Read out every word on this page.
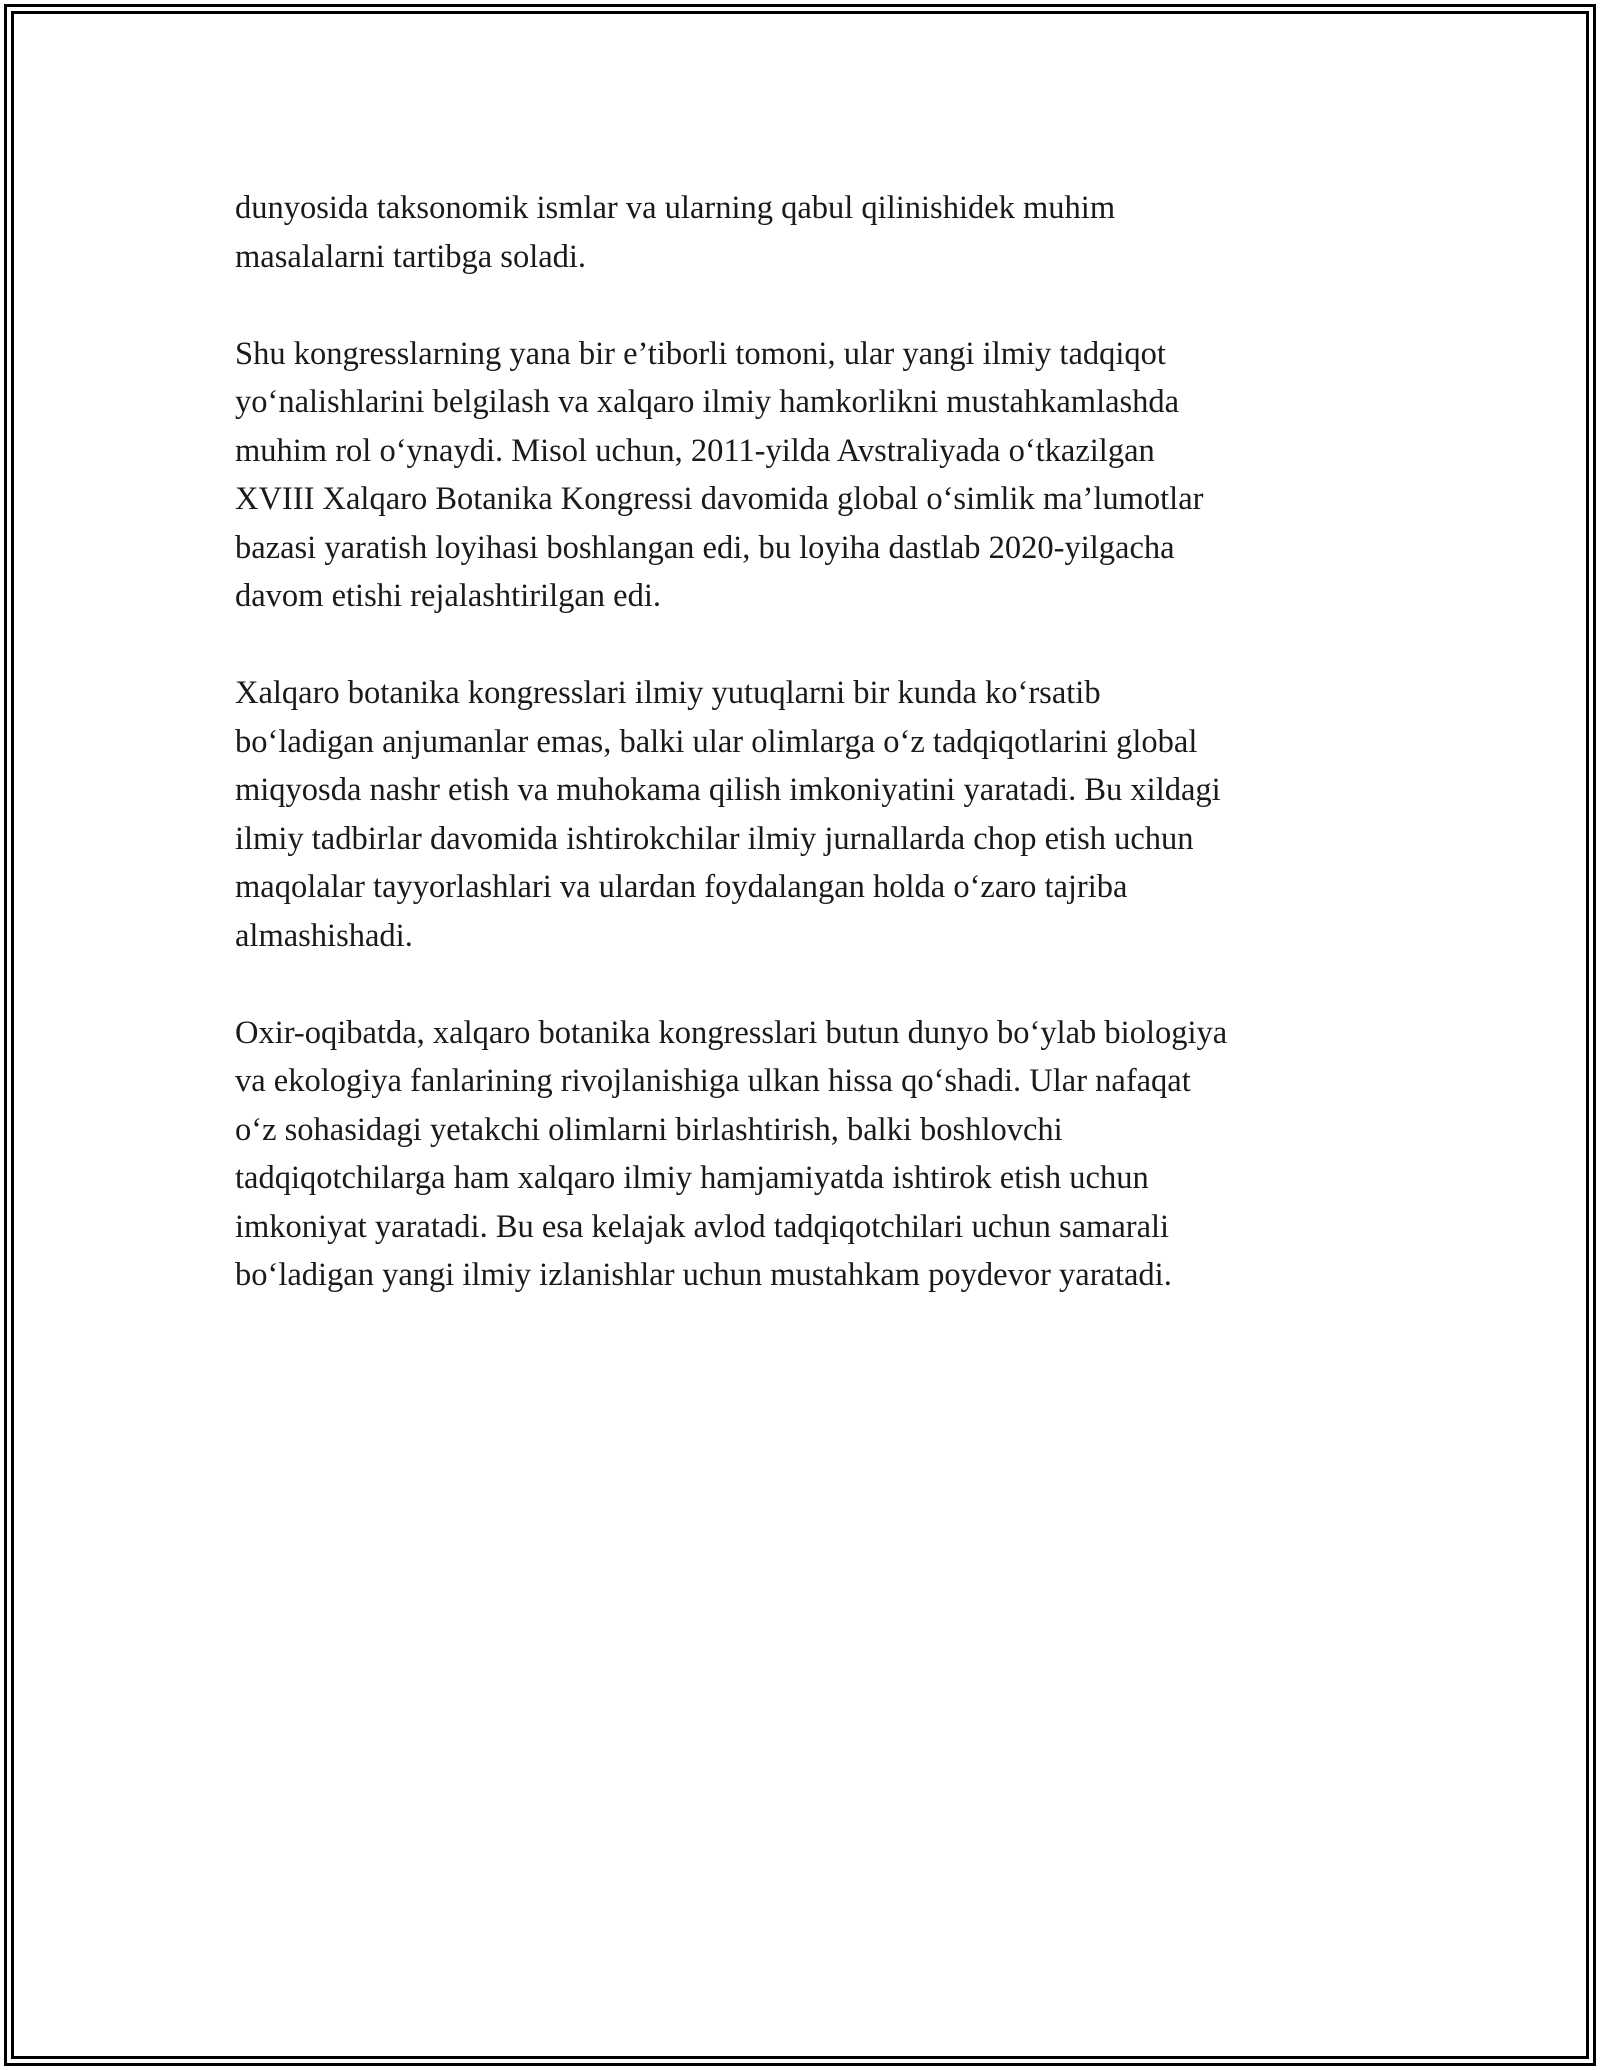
dunyosida taksonomik ismlar va ularning qabul qilinishidek muhim
masalalarni tartibga soladi.

Shu kongresslarning yana bir e’tiborli tomoni, ular yangi ilmiy tadqiqot
yo‘nalishlarini belgilash va xalqaro ilmiy hamkorlikni mustahkamlashda
muhim rol o‘ynaydi. Misol uchun, 2011-yilda Avstraliyada o‘tkazilgan
XVIII Xalqaro Botanika Kongressi davomida global o‘simlik ma’lumotlar
bazasi yaratish loyihasi boshlangan edi, bu loyiha dastlab 2020-yilgacha
davom etishi rejalashtirilgan edi.

Xalqaro botanika kongresslari ilmiy yutuqlarni bir kunda ko‘rsatib
bo‘ladigan anjumanlar emas, balki ular olimlarga o‘z tadqiqotlarini global
miqyosda nashr etish va muhokama qilish imkoniyatini yaratadi. Bu xildagi
ilmiy tadbirlar davomida ishtirokchilar ilmiy jurnallarda chop etish uchun
maqolalar tayyorlashlari va ulardan foydalangan holda o‘zaro tajriba
almashishadi.

Oxir-oqibatda, xalqaro botanika kongresslari butun dunyo bo‘ylab biologiya
va ekologiya fanlarining rivojlanishiga ulkan hissa qo‘shadi. Ular nafaqat
o‘z sohasidagi yetakchi olimlarni birlashtirish, balki boshlovchi
tadqiqotchilarga ham xalqaro ilmiy hamjamiyatda ishtirok etish uchun
imkoniyat yaratadi. Bu esa kelajak avlod tadqiqotchilari uchun samarali
bo‘ladigan yangi ilmiy izlanishlar uchun mustahkam poydevor yaratadi.
